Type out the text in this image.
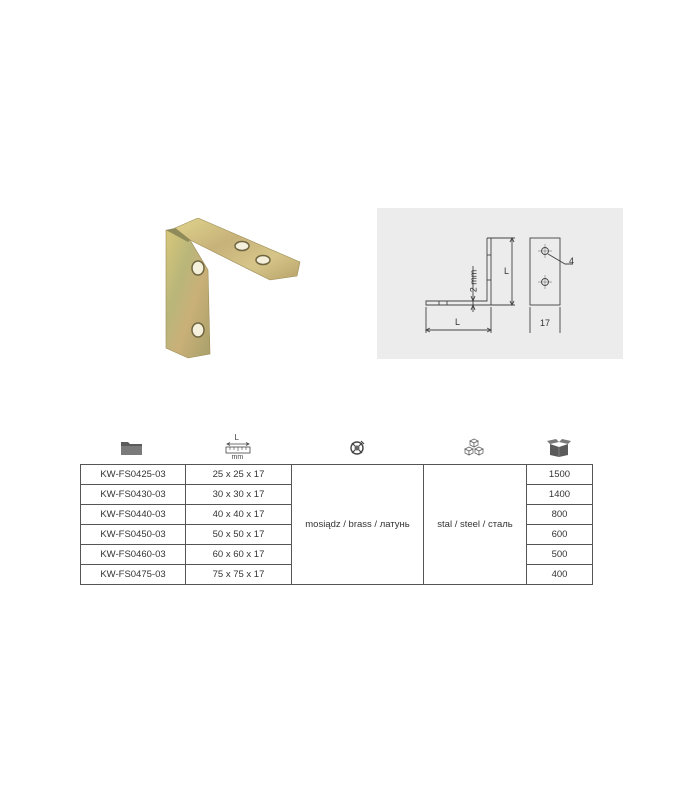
2 mm	L
L	17
4
L
mm
KW-FS0425-03	25 x 25 x 17	mosiądz / brass / латунь	stal / steel / сталь	1500
KW-FS0430-03	30 x 30 x 17			1400
KW-FS0440-03	40 x 40 x 17			800
KW-FS0450-03	50 x 50 x 17			600
KW-FS0460-03	60 x 60 x 17			500
KW-FS0475-03	75 x 75 x 17			400
